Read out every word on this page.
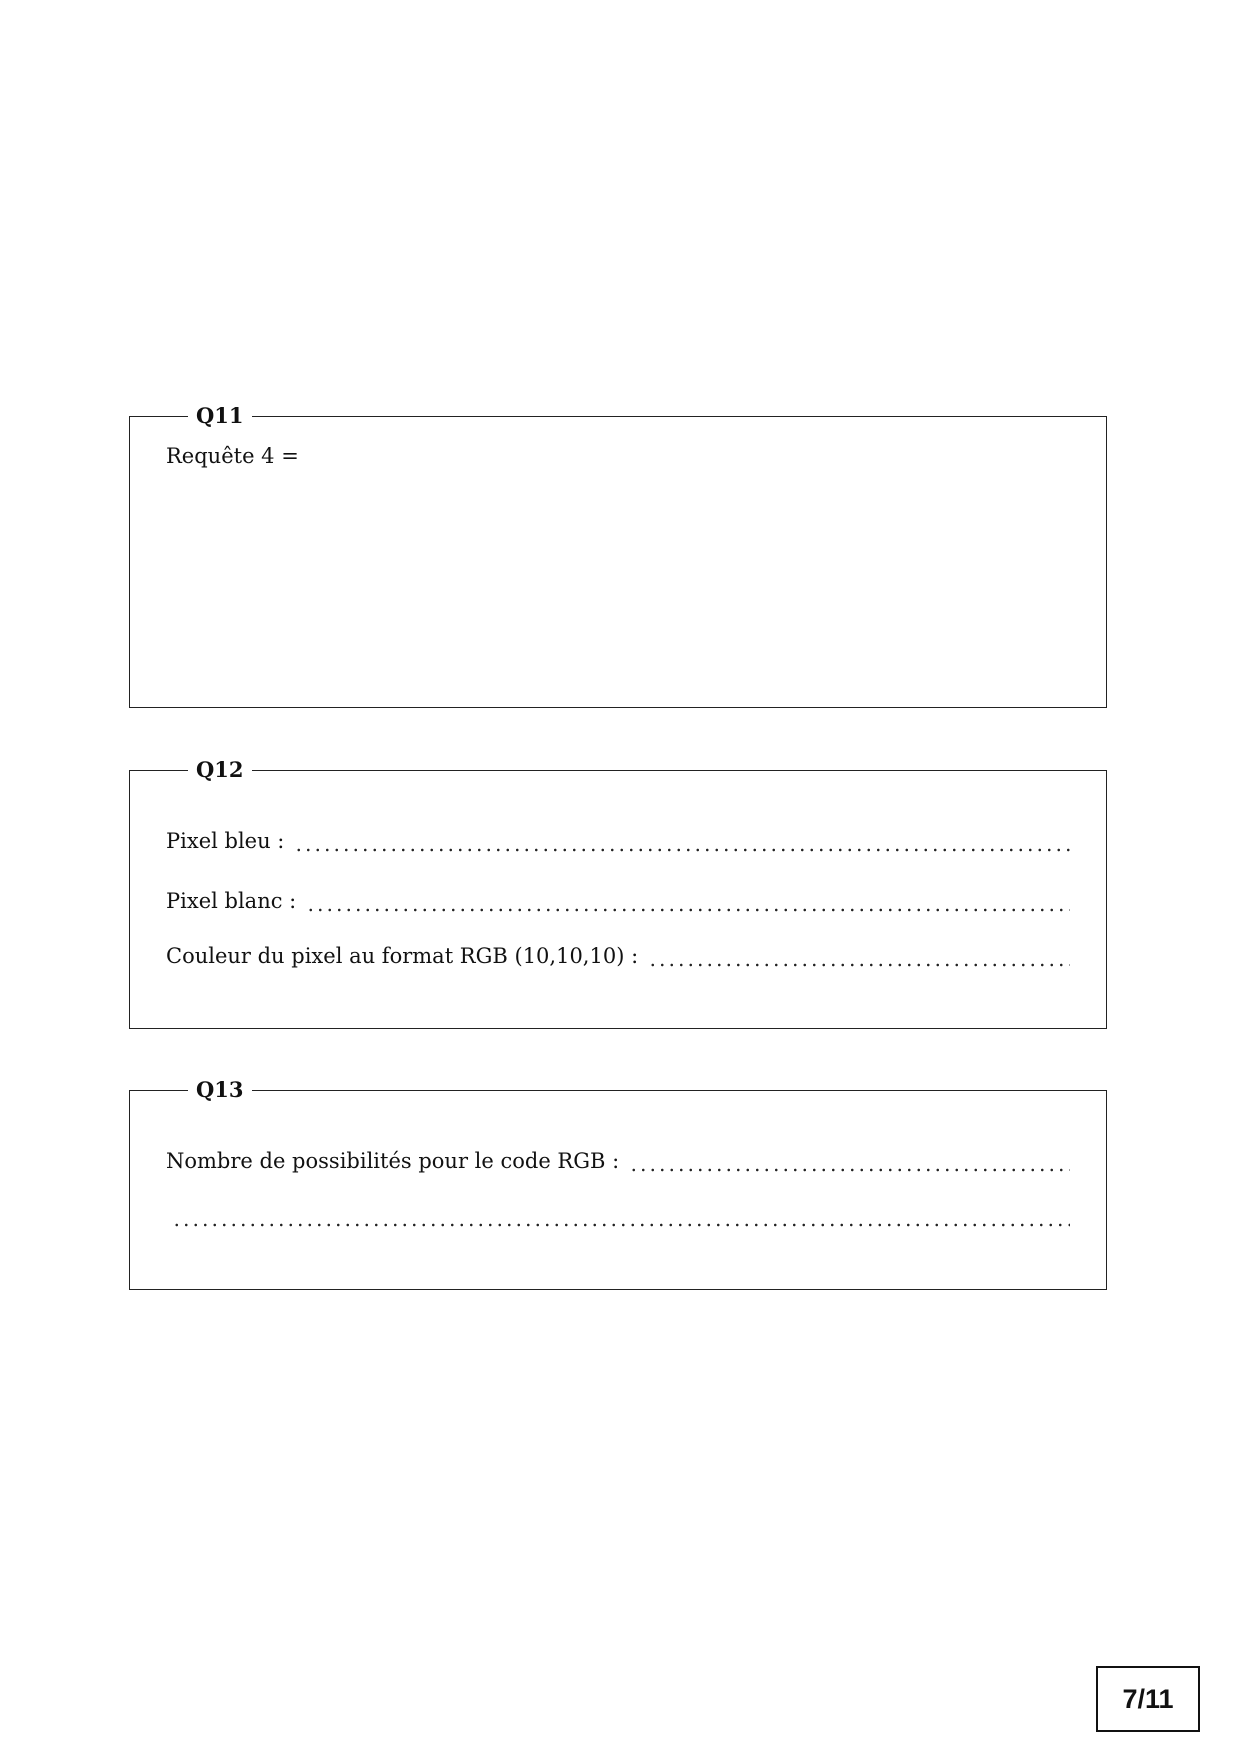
Q11
Requête 4 =
Q12
Pixel bleu :
Pixel blanc :
Couleur du pixel au format RGB (10,10,10) :
Q13
Nombre de possibilités pour le code RGB :
7/11
